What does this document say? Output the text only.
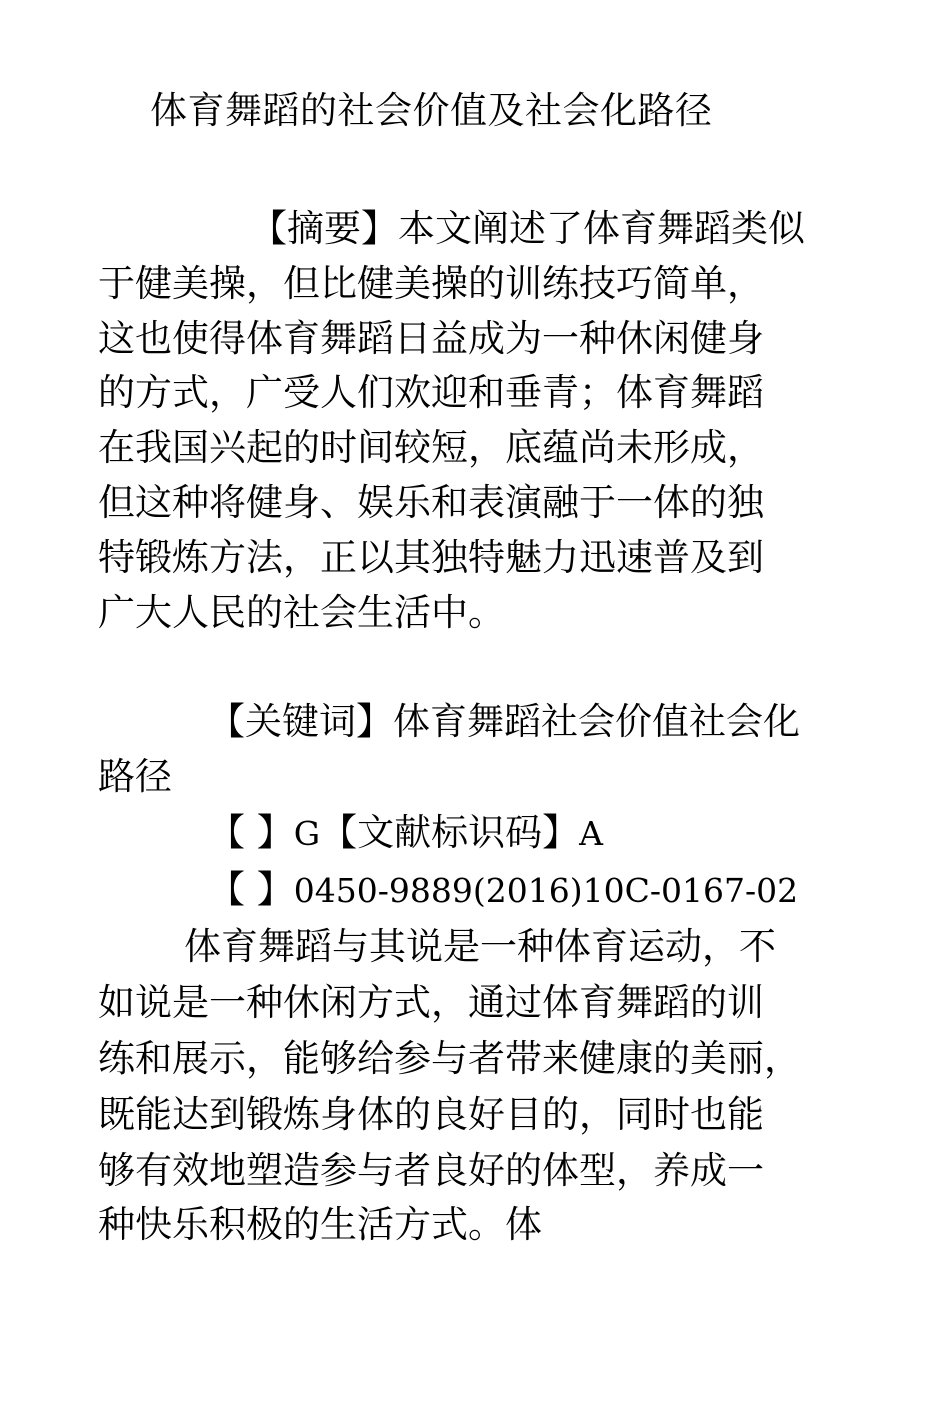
体育舞蹈的社会价值及社会化路径
【摘要】本文阐述了体育舞蹈类似
于健美操，但比健美操的训练技巧简单，
这也使得体育舞蹈日益成为一种休闲健身
的方式，广受人们欢迎和垂青；体育舞蹈
在我国兴起的时间较短，底蕴尚未形成，
但这种将健身、娱乐和表演融于一体的独
特锻炼方法，正以其独特魅力迅速普及到
广大人民的社会生活中。
【关键词】体育舞蹈社会价值社会化
路径
【 】G【文献标识码】A
【 】0450-9889(2016)10C-0167-02
体育舞蹈与其说是一种体育运动，不
如说是一种休闲方式，通过体育舞蹈的训
练和展示，能够给参与者带来健康的美丽，
既能达到锻炼身体的良好目的，同时也能
够有效地塑造参与者良好的体型，养成一
种快乐积极的生活方式。体
